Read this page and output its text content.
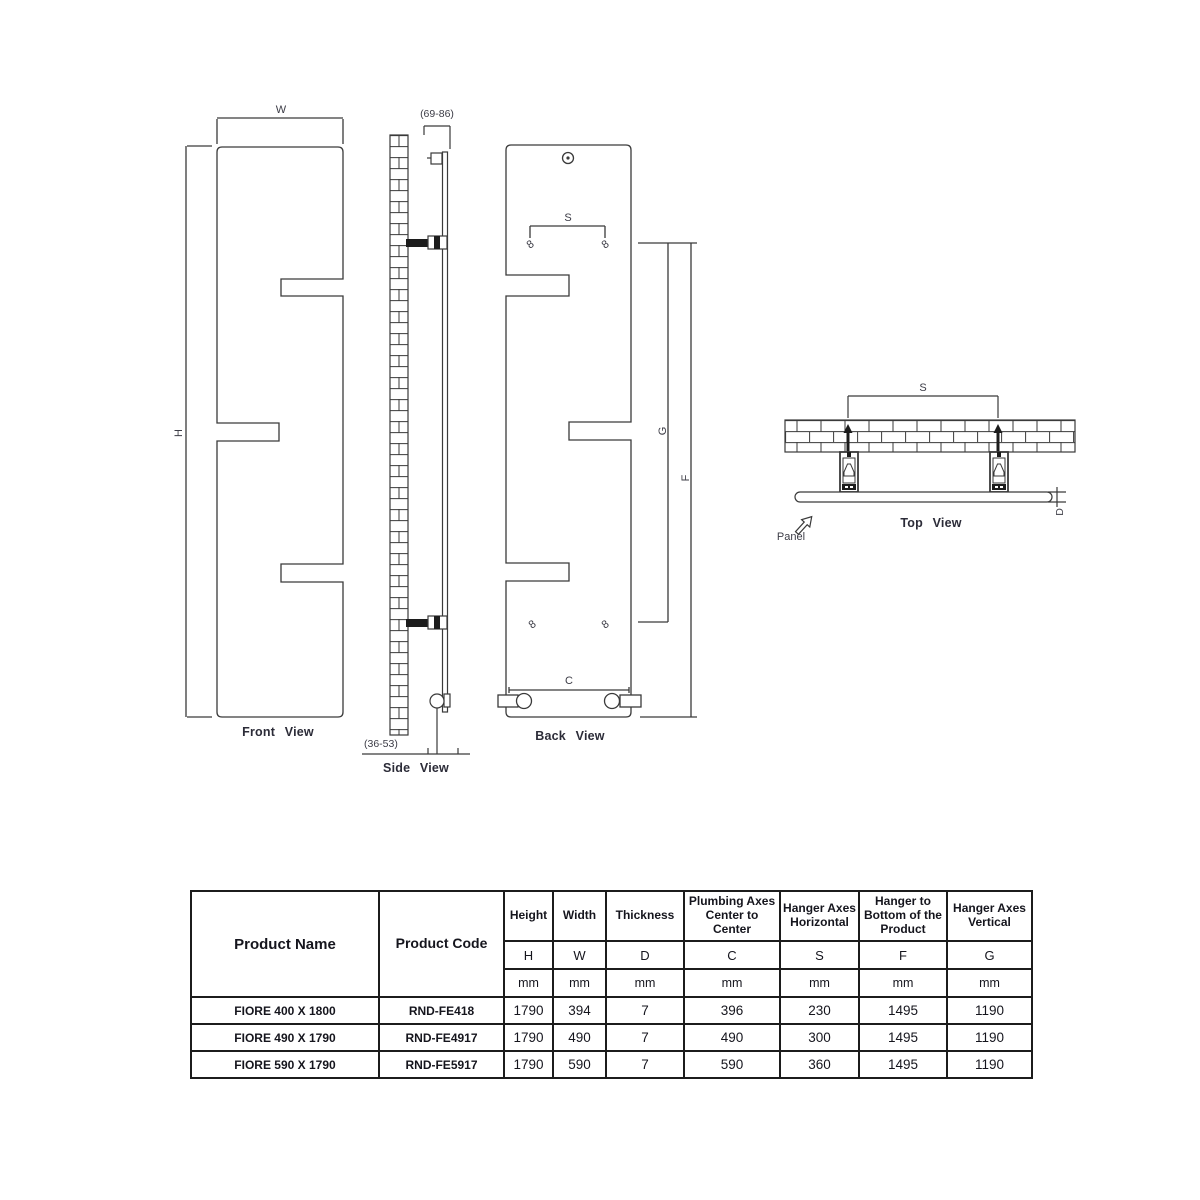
W
H
Front View
(69-86)
(36-53)
Side View
S
C
G
F
8	8
8	8
Back View
S
D
Panel
Top View
Product Name	Product Code	Height	Width	Thickness	Plumbing Axes Center to Center	Hanger Axes Horizontal	Hanger to Bottom of the Product	Hanger Axes Vertical
		H	W	D	C	S	F	G
		mm	mm	mm	mm	mm	mm	mm
FIORE 400 X 1800	RND-FE418	1790	394	7	396	230	1495	1190
FIORE 490 X 1790	RND-FE4917	1790	490	7	490	300	1495	1190
FIORE 590 X 1790	RND-FE5917	1790	590	7	590	360	1495	1190
